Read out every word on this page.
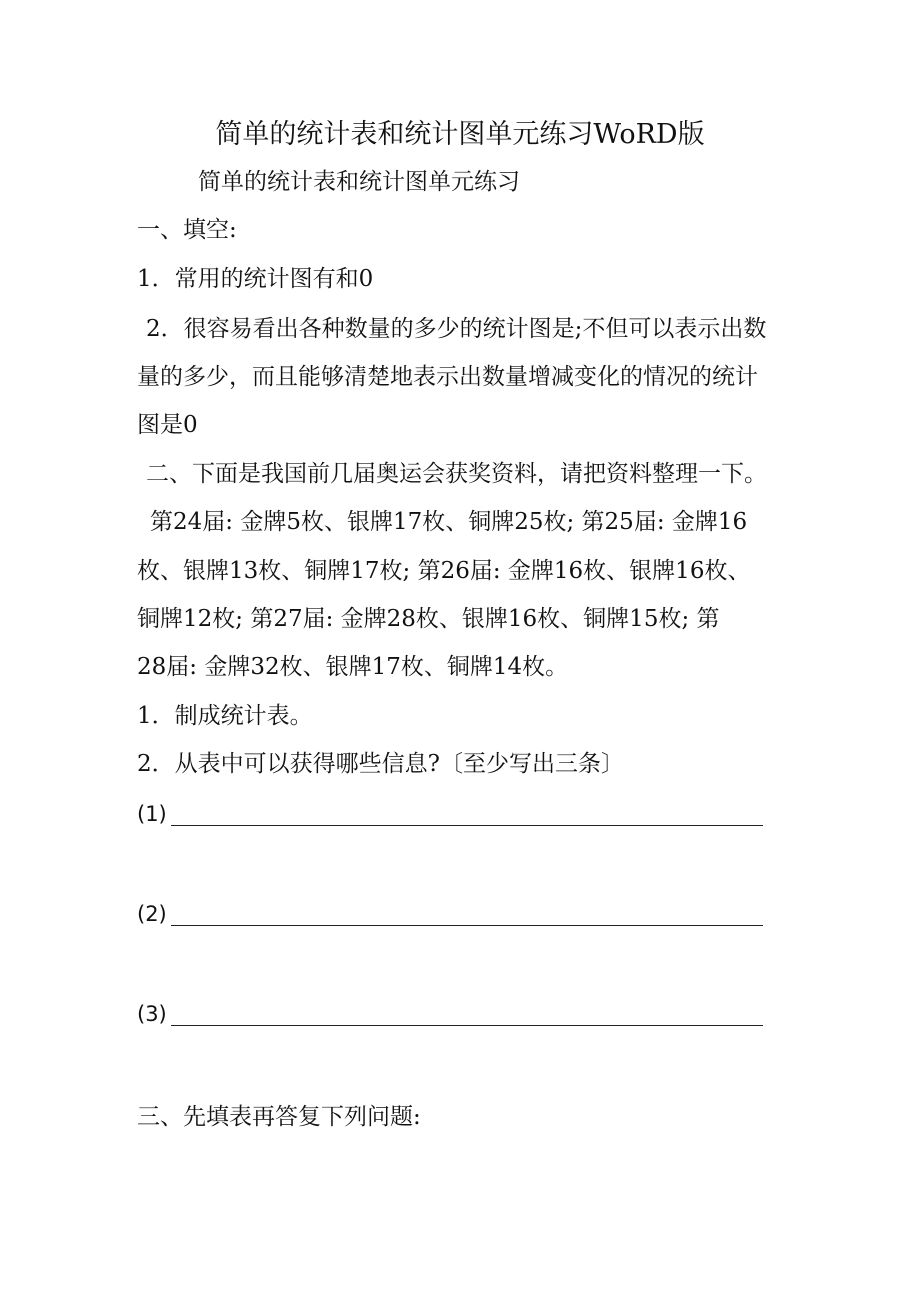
简单的统计表和统计图单元练习WoRD版
简单的统计表和统计图单元练习
一、填空:
1．常用的统计图有和0
2．很容易看出各种数量的多少的统计图是;不但可以表示出数
量的多少，而且能够清楚地表示出数量增减变化的情况的统计
图是0
二、下面是我国前几届奥运会获奖资料，请把资料整理一下。
第24届: 金牌5枚、银牌17枚、铜牌25枚; 第25届: 金牌16
枚、银牌13枚、铜牌17枚; 第26届: 金牌16枚、银牌16枚、
铜牌12枚; 第27届: 金牌28枚、银牌16枚、铜牌15枚; 第
28届: 金牌32枚、银牌17枚、铜牌14枚。
1．制成统计表。
2．从表中可以获得哪些信息?〔至少写出三条〕
(1)
(2)
(3)
三、先填表再答复下列问题:
